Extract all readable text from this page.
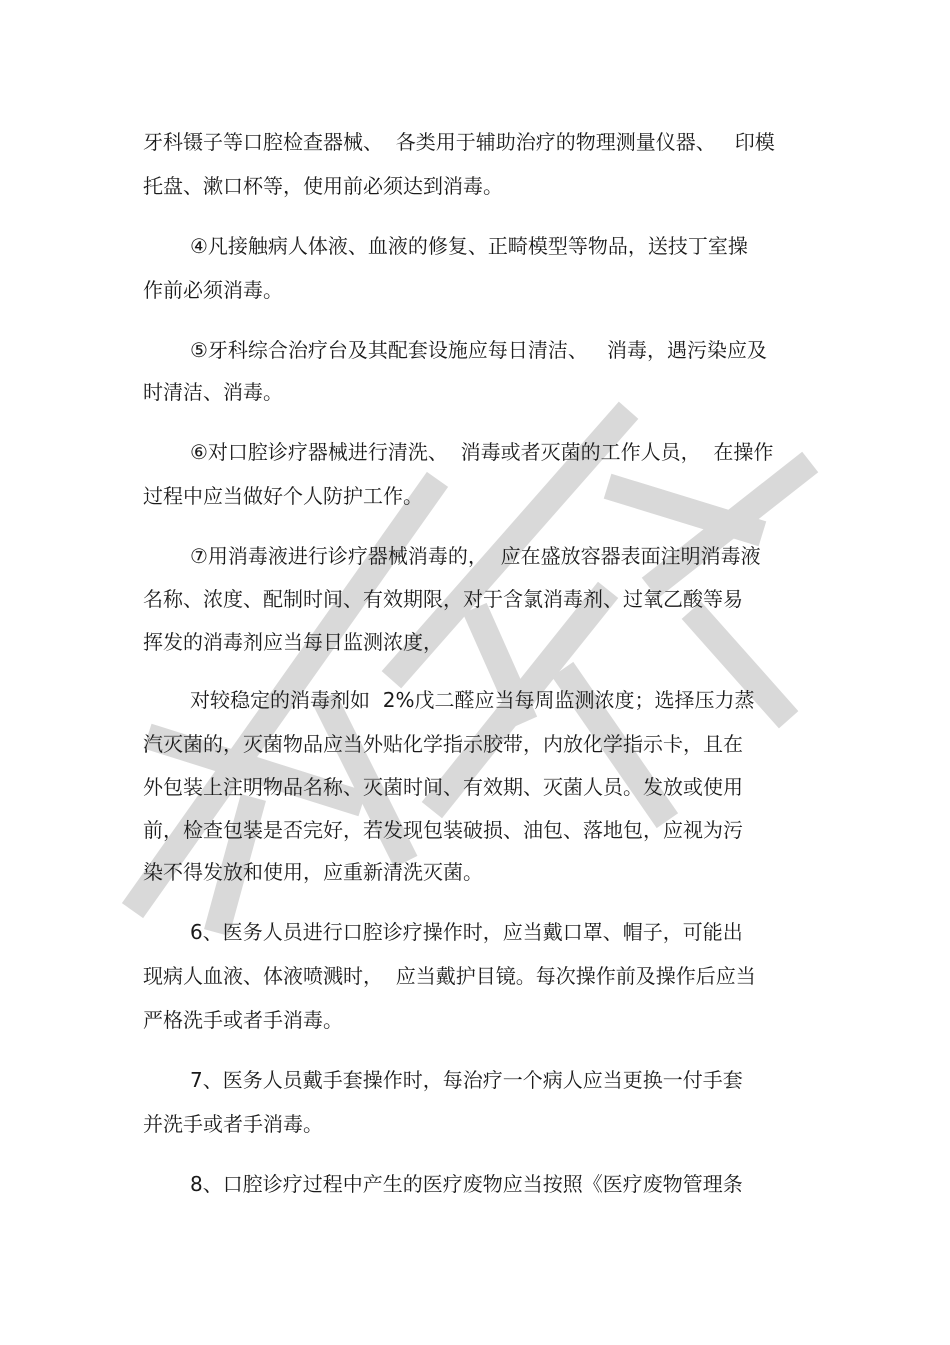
牙科镊子等口腔检查器械、  各类用于辅助治疗的物理测量仪器、   印模

托盘、漱口杯等，使用前必须达到消毒。

④凡接触病人体液、血液的修复、正畸模型等物品，送技丁室操

作前必须消毒。

⑤牙科综合治疗台及其配套设施应每日清洁、   消毒，遇污染应及

时清洁、消毒。

⑥对口腔诊疗器械进行清洗、  消毒或者灭菌的工作人员，  在操作

过程中应当做好个人防护工作。

⑦用消毒液进行诊疗器械消毒的，  应在盛放容器表面注明消毒液

名称、浓度、配制时间、有效期限，对于含氯消毒剂、过氧乙酸等易

挥发的消毒剂应当每日监测浓度，

对较稳定的消毒剂如  2%戊二醛应当每周监测浓度；选择压力蒸

汽灭菌的，灭菌物品应当外贴化学指示胶带，内放化学指示卡，且在

外包装上注明物品名称、灭菌时间、有效期、灭菌人员。发放或使用

前，检查包装是否完好，若发现包装破损、油包、落地包，应视为污

染不得发放和使用，应重新清洗灭菌。

6、医务人员进行口腔诊疗操作时，应当戴口罩、帽子，可能出

现病人血液、体液喷溅时，  应当戴护目镜。每次操作前及操作后应当

严格洗手或者手消毒。

7、医务人员戴手套操作时，每治疗一个病人应当更换一付手套

并洗手或者手消毒。

8、口腔诊疗过程中产生的医疗废物应当按照《医疗废物管理条
